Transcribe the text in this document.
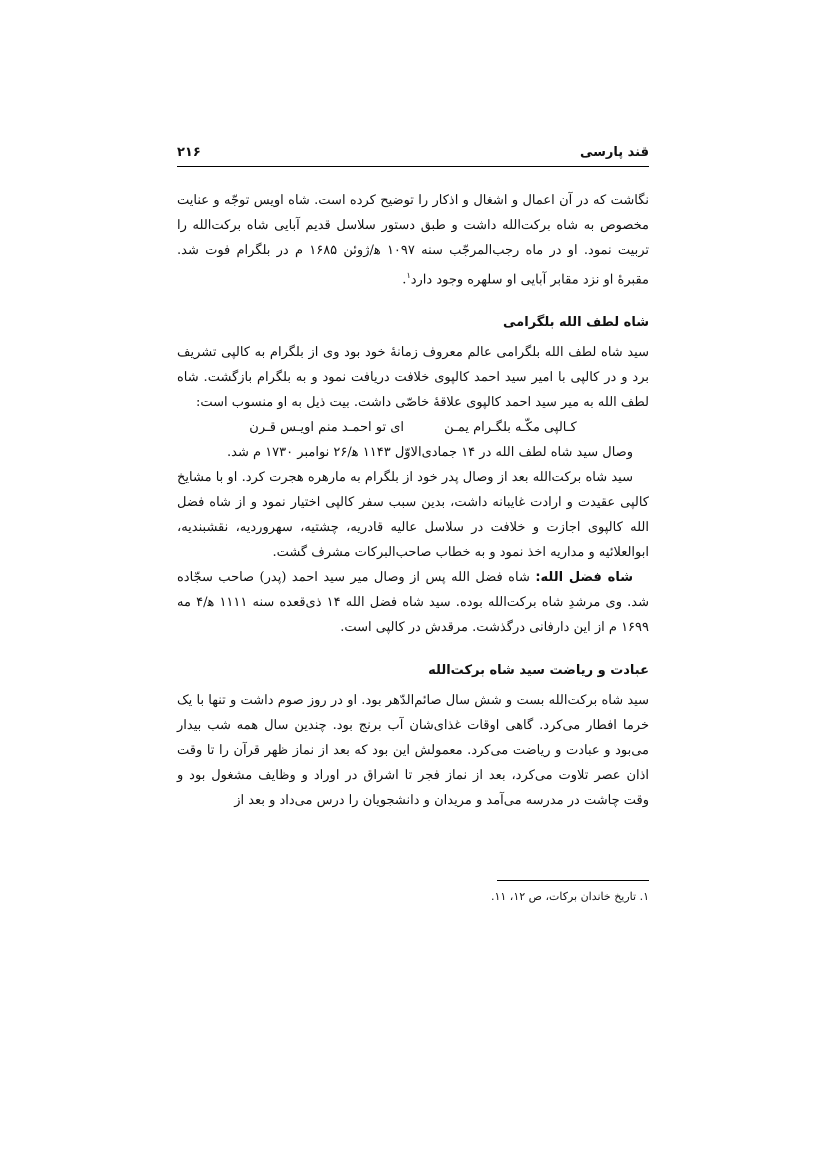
قند پارسی
۲۱۶

نگاشت که در آن اعمال و اشغال و اذکار را توضیح کرده است. شاه اویس توجّه و عنایت مخصوص به شاه برکت‌الله داشت و طبق دستور سلاسل قدیم آبایی شاه برکت‌الله را تربیت نمود. او در ماه رجب‌المرجّب سنه ۱۰۹۷ ﻫ/ژوئن ۱۶۸۵ م در بلگرام فوت شد. مقبرهٔ او نزد مقابر آبایی او سلهره وجود دارد$^۱$.

شاه لطف الله بلگرامی

سید شاه لطف الله بلگرامی عالم معروف زمانهٔ خود بود وی از بلگرام به کالپی تشریف برد و در کالپی با امیر سید احمد کالپوی خلافت دریافت نمود و به بلگرام بازگشت. شاه لطف الله به میر سید احمد کالپوی علاقهٔ خاصّی داشت. بیت ذیل به او منسوب است:

کـالپی مکّـه بلگـرام یمـن ای تو احمـد منم اویـس قـرن

وصال سید شاه لطف الله در ۱۴ جمادی‌الاوّل ۱۱۴۳ ﻫ/۲۶ نوامبر ۱۷۳۰ م شد.

سید شاه برکت‌الله بعد از وصال پدر خود از بلگرام به مارهره هجرت کرد. او با مشایخ کالپی عقیدت و ارادت غایبانه داشت، بدین سبب سفر کالپی اختیار نمود و از شاه فضل الله کالپوی اجازت و خلافت در سلاسل عالیه قادریه، چشتیه، سهروردیه، نقشبندیه، ابوالعلائیه و مداریه اخذ نمود و به خطاب صاحب‌البرکات مشرف گشت.

شاه فضل الله: شاه فضل الله پس از وصال میر سید احمد (پدر) صاحب سجّاده شد. وی مرشدِ شاه برکت‌الله بوده. سید شاه فضل الله ۱۴ ذی‌قعده سنه ۱۱۱۱ ﻫ/۴ مه ۱۶۹۹ م از این دارفانی درگذشت. مرقدش در کالپی است.

عبادت و ریاضت سید شاه برکت‌الله

سید شاه برکت‌الله بست و شش سال صائم‌الدّهر بود. او در روز صوم داشت و تنها با یک خرما افطار می‌کرد. گاهی اوقات غذای‌شان آب برنج بود. چندین سال همه شب بیدار می‌بود و عبادت و ریاضت می‌کرد. معمولش این بود که بعد از نماز ظهر قرآن را تا وقت اذان عصر تلاوت می‌کرد، بعد از نماز فجر تا اشراق در اوراد و وظایف مشغول بود و وقت چاشت در مدرسه می‌آمد و مریدان و دانشجویان را درس می‌داد و بعد از

۱. تاریخ خاندان برکات، ص ۱۲، ۱۱.
